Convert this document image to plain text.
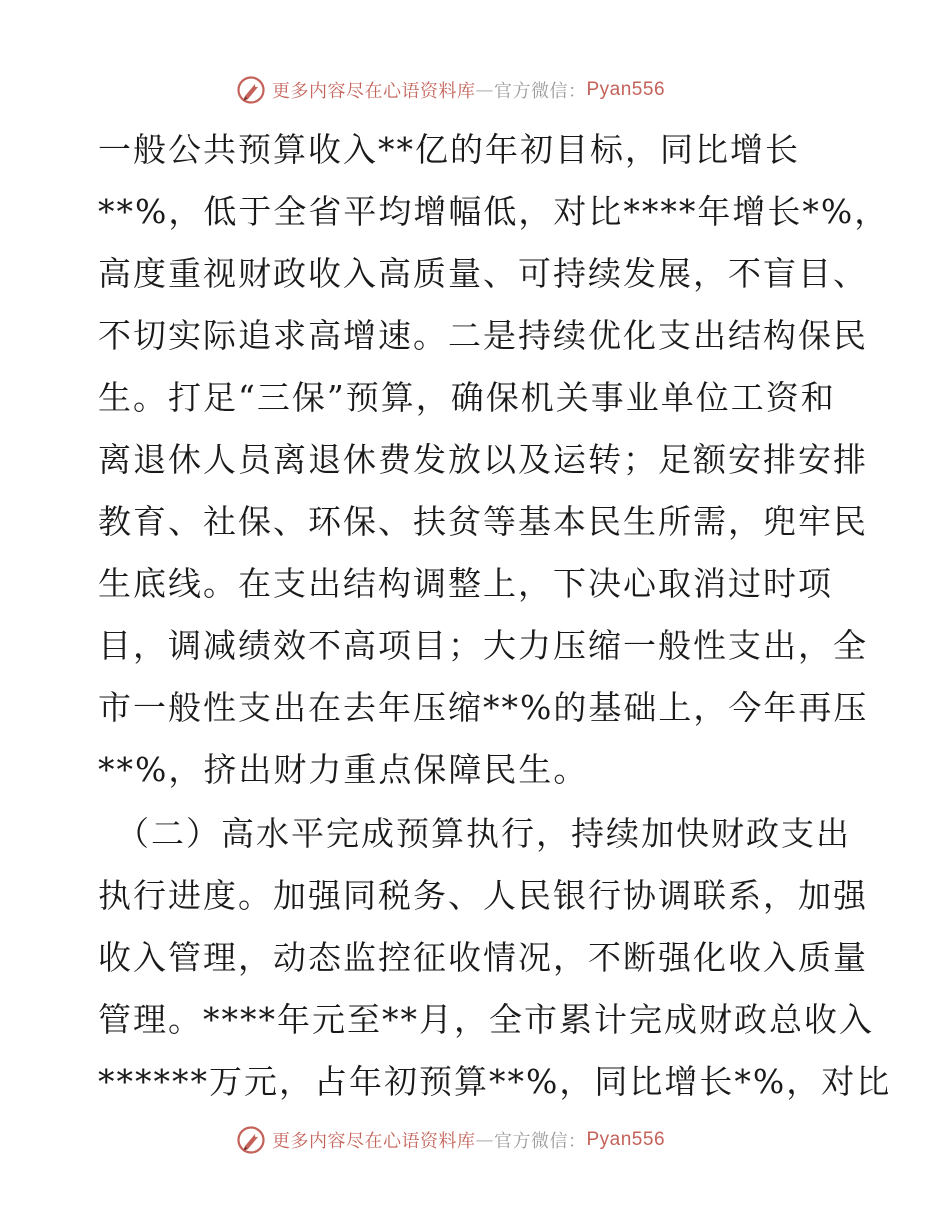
更多内容尽在心语资料库 — 官方微信： Pyan556
一般公共预算收入**亿的年初目标，同比增长
**%，低于全省平均增幅低，对比****年增长*%，
高度重视财政收入高质量、可持续发展，不盲目、
不切实际追求高增速。二是持续优化支出结构保民
生。打足“三保”预算，确保机关事业单位工资和
离退休人员离退休费发放以及运转；足额安排安排
教育、社保、环保、扶贫等基本民生所需，兜牢民
生底线。在支出结构调整上，下决心取消过时项
目，调减绩效不高项目；大力压缩一般性支出，全
市一般性支出在去年压缩**%的基础上，今年再压
**%，挤出财力重点保障民生。
（二）高水平完成预算执行，持续加快财政支出
执行进度。加强同税务、人民银行协调联系，加强
收入管理，动态监控征收情况，不断强化收入质量
管理。****年元至**月，全市累计完成财政总收入
******万元，占年初预算**%，同比增长*%，对比
更多内容尽在心语资料库 — 官方微信： Pyan556
